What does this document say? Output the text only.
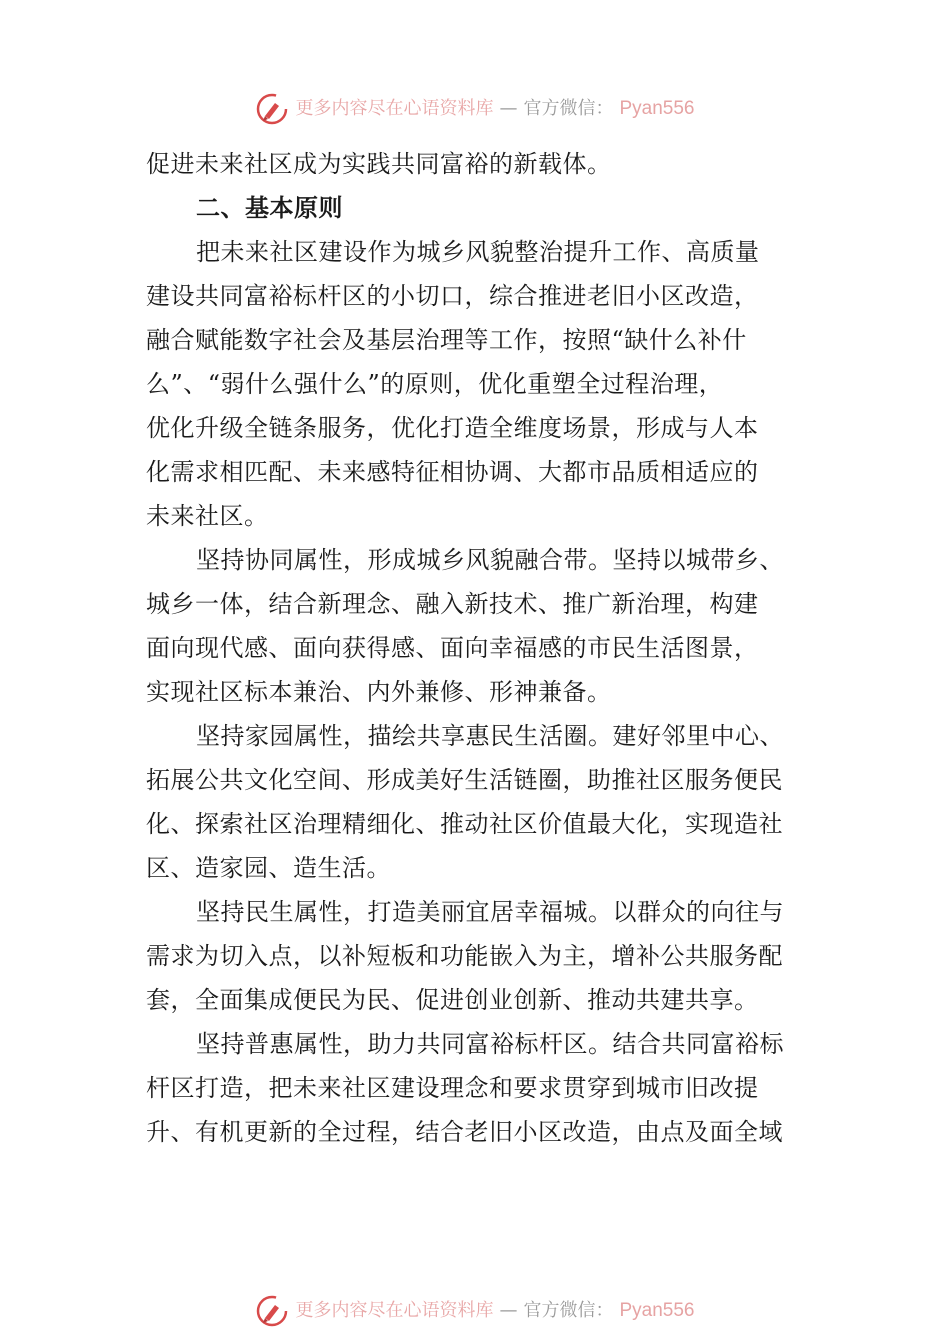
更多内容尽在心语资料库 — 官方微信： Pyan556
促进未来社区成为实践共同富裕的新载体。
二、基本原则
把未来社区建设作为城乡风貌整治提升工作、高质量
建设共同富裕标杆区的小切口，综合推进老旧小区改造，
融合赋能数字社会及基层治理等工作，按照“缺什么补什
么”、“弱什么强什么”的原则，优化重塑全过程治理，
优化升级全链条服务，优化打造全维度场景，形成与人本
化需求相匹配、未来感特征相协调、大都市品质相适应的
未来社区。
坚持协同属性，形成城乡风貌融合带。坚持以城带乡、
城乡一体，结合新理念、融入新技术、推广新治理，构建
面向现代感、面向获得感、面向幸福感的市民生活图景，
实现社区标本兼治、内外兼修、形神兼备。
坚持家园属性，描绘共享惠民生活圈。建好邻里中心、
拓展公共文化空间、形成美好生活链圈，助推社区服务便民
化、探索社区治理精细化、推动社区价值最大化，实现造社
区、造家园、造生活。
坚持民生属性，打造美丽宜居幸福城。以群众的向往与
需求为切入点，以补短板和功能嵌入为主，增补公共服务配
套，全面集成便民为民、促进创业创新、推动共建共享。
坚持普惠属性，助力共同富裕标杆区。结合共同富裕标
杆区打造，把未来社区建设理念和要求贯穿到城市旧改提
升、有机更新的全过程，结合老旧小区改造，由点及面全域
更多内容尽在心语资料库 — 官方微信： Pyan556
